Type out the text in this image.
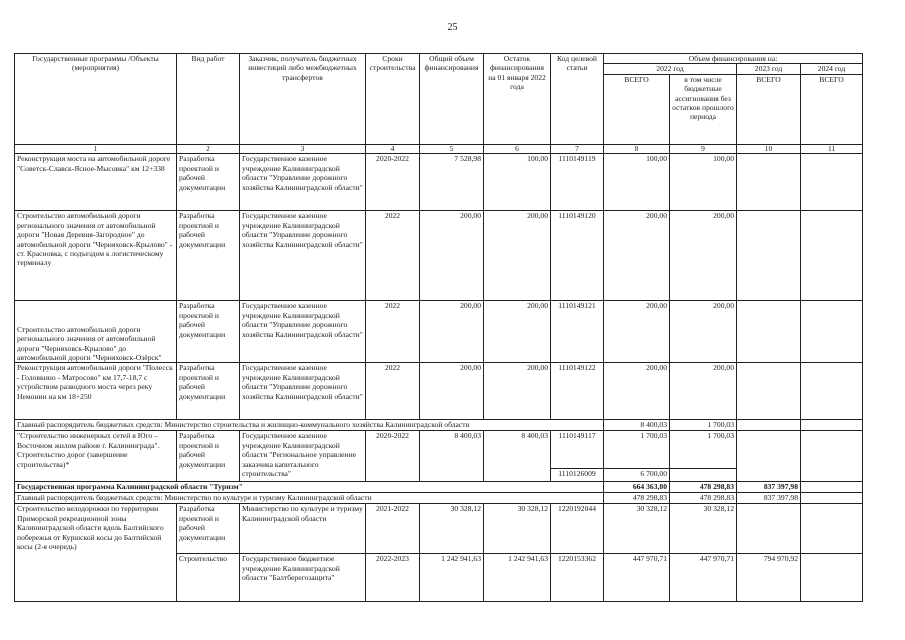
25
Государственные программы /Объекты (мероприятия)	Вид работ	Заказчик, получатель бюджетных инвестиций либо межбюджетных трансфертов	Сроки строительства	Общий объем финансирования	Остаток финансирования на 01 января 2022 года	Код целевой статьи	Объем финансирования на:			
							2022 год		2023 год	2024 год
							ВСЕГО	в том числе бюджетные ассигнования без остатков прошлого периода	ВСЕГО	ВСЕГО
1	2	3	4	5	6	7	8	9	10	11
Реконструкция моста на автомобильной дороге "Советск-Славск-Ясное-Мысовка" км 12+338	Разработка проектной и рабочей документации	Государственное казенное учреждение Калининградской области "Управление дорожного хозяйства Калининградской области"	2020-2022	7 528,98	100,00	1110149119	100,00	100,00		
Строительство автомобильной дороги регионального значения от автомобильной дороги "Новая Деревня-Загородное" до автомобильной дороги "Черняховск-Крылово" - ст. Красновка, с подъездом к логистическому терминалу	Разработка проектной и рабочей документации	Государственное казенное учреждение Калининградской области "Управление дорожного хозяйства Калининградской области"	2022	200,00	200,00	1110149120	200,00	200,00		
Строительство автомобильной дороги регионального значения от автомобильной дороги "Черняховск-Крылово" до автомобильной дороги "Черняховск-Озёрск"	Разработка проектной и рабочей документации	Государственное казенное учреждение Калининградской области "Управление дорожного хозяйства Калининградской области"	2022	200,00	200,00	1110149121	200,00	200,00		
Реконструкция автомобильной дороги "Полесск - Головкино - Матросово" км 17,7-18,7 с устройством разводного моста через реку Немонин на км 18+250	Разработка проектной и рабочей документации	Государственное казенное учреждение Калининградской области "Управление дорожного хозяйства Калининградской области"	2022	200,00	200,00	1110149122	200,00	200,00		
Главный распорядитель бюджетных средств: Министерство строительства и жилищно-коммунального хозяйства Калининградской области							8 400,03	1 700,03		
"Строительство инженерных сетей в Юго – Восточном жилом районе г. Калининграда". Строительство дорог (завершение строительства)*	Разработка проектной и рабочей документации	Государственное казенное учреждение Калининградской области "Региональное управление заказчика капитального строительства"	2020-2022	8 400,03	8 400,03	1110149117	1 700,03	1 700,03		
						1110126009	6 700,00			
Государственная программа Калининградской области "Туризм"							664 363,80	478 298,83	837 397,98	
Главный распорядитель бюджетных средств: Министерство по культуре и туризму Калининградской области							478 298,83	478 298,83	837 397,98	
Строительство велодорожки по территории Приморской рекреационной зоны Калининградской области вдоль Балтийского побережья от Куршской косы до Балтийской косы (2-я очередь)	Разработка проектной и рабочей документации	Министерство по культуре и туризму Калининградской области	2021-2022	30 328,12	30 328,12	1220192044	30 328,12	30 328,12		
	Строительство	Государственное бюджетное учреждение Калининградской области "Балтберегозащита"	2022-2023	1 242 941,63	1 242 941,63	1220153362	447 970,71	447 970,71	794 970,92	
